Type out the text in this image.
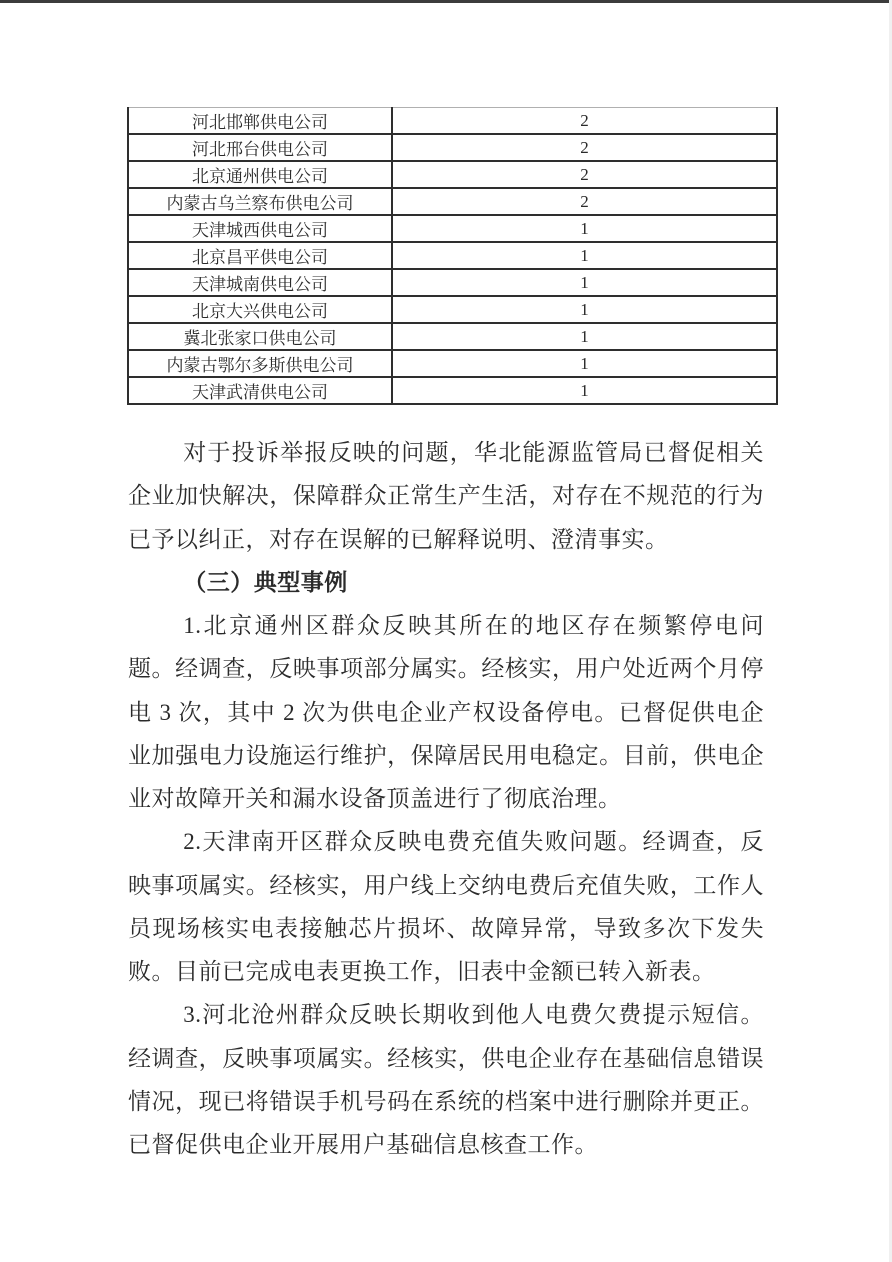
河北邯郸供电公司	2
河北邢台供电公司	2
北京通州供电公司	2
内蒙古乌兰察布供电公司	2
天津城西供电公司	1
北京昌平供电公司	1
天津城南供电公司	1
北京大兴供电公司	1
冀北张家口供电公司	1
内蒙古鄂尔多斯供电公司	1
天津武清供电公司	1

对于投诉举报反映的问题，华北能源监管局已督促相关企业加快解决，保障群众正常生产生活，对存在不规范的行为已予以纠正，对存在误解的已解释说明、澄清事实。

（三）典型事例

1.北京通州区群众反映其所在的地区存在频繁停电问题。经调查，反映事项部分属实。经核实，用户处近两个月停电 3 次，其中 2 次为供电企业产权设备停电。已督促供电企业加强电力设施运行维护，保障居民用电稳定。目前，供电企业对故障开关和漏水设备顶盖进行了彻底治理。

2.天津南开区群众反映电费充值失败问题。经调查，反映事项属实。经核实，用户线上交纳电费后充值失败，工作人员现场核实电表接触芯片损坏、故障异常，导致多次下发失败。目前已完成电表更换工作，旧表中金额已转入新表。

3.河北沧州群众反映长期收到他人电费欠费提示短信。经调查，反映事项属实。经核实，供电企业存在基础信息错误情况，现已将错误手机号码在系统的档案中进行删除并更正。已督促供电企业开展用户基础信息核查工作。
